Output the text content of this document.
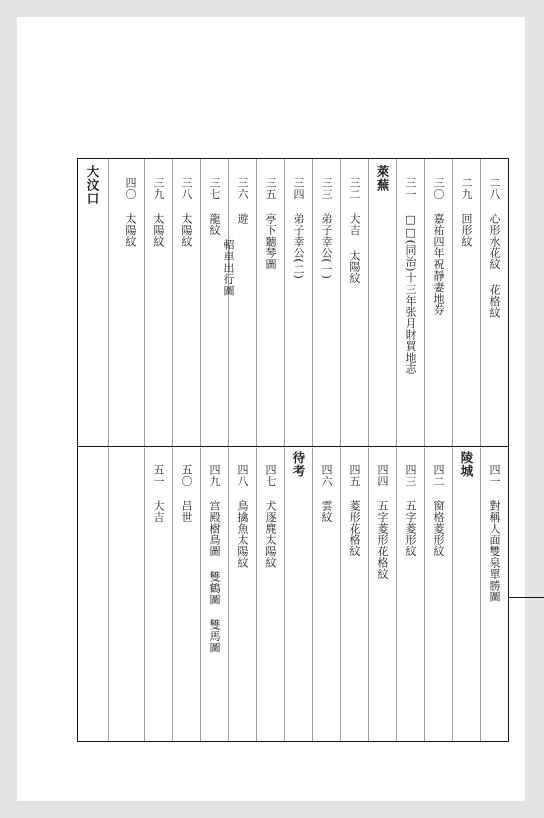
二八心形水花紋花格紋
二九回形紋
三〇嘉祐四年祝靜妻地券
三一□□(同治)十三年张月財買地志
萊蕪
三二大吉太陽紋
三三弟子幸公(一)
三四弟子幸公(二)
三五亭下聽琴圖
三六遊
軺車出行圖
三七龍紋
三八太陽紋
三九太陽紋
四〇太陽紋
大汶口
四一對稱人面雙泉單勝圖
陵城
四二窗格菱形紋
四三五字菱形紋
四四五字菱形花格紋
四五菱形花格紋
四六雲紋
待考
四七犬逐麂太陽紋
四八鳥擒魚太陽紋
四九宫殿樹鳥圖雙鶴圖雙馬圖
五〇吕世
五一大吉
